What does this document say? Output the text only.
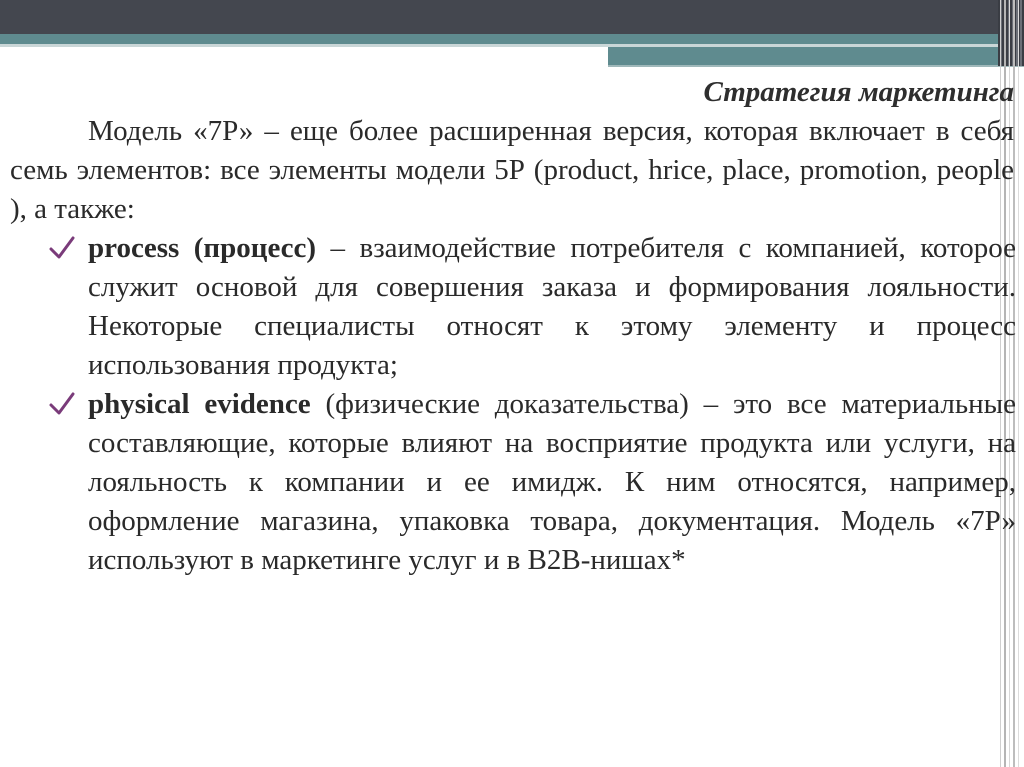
Стратегия маркетинга
Модель «7Р» – еще более расширенная версия, которая включает в себя семь элементов: все элементы модели 5Р (product, hrice, place, promotion, people ), а также:
process (процесс) – взаимодействие потребителя с компанией, которое служит основой для совершения заказа и формирования лояльности. Некоторые специалисты относят к этому элементу и процесс использования продукта;
physical evidence (физические доказательства) – это все материальные составляющие, которые влияют на восприятие продукта или услуги, на лояльность к компании и ее имидж. К ним относятся, например, оформление магазина, упаковка товара, документация. Модель «7Р» используют в маркетинге услуг и в В2В-нишах*
